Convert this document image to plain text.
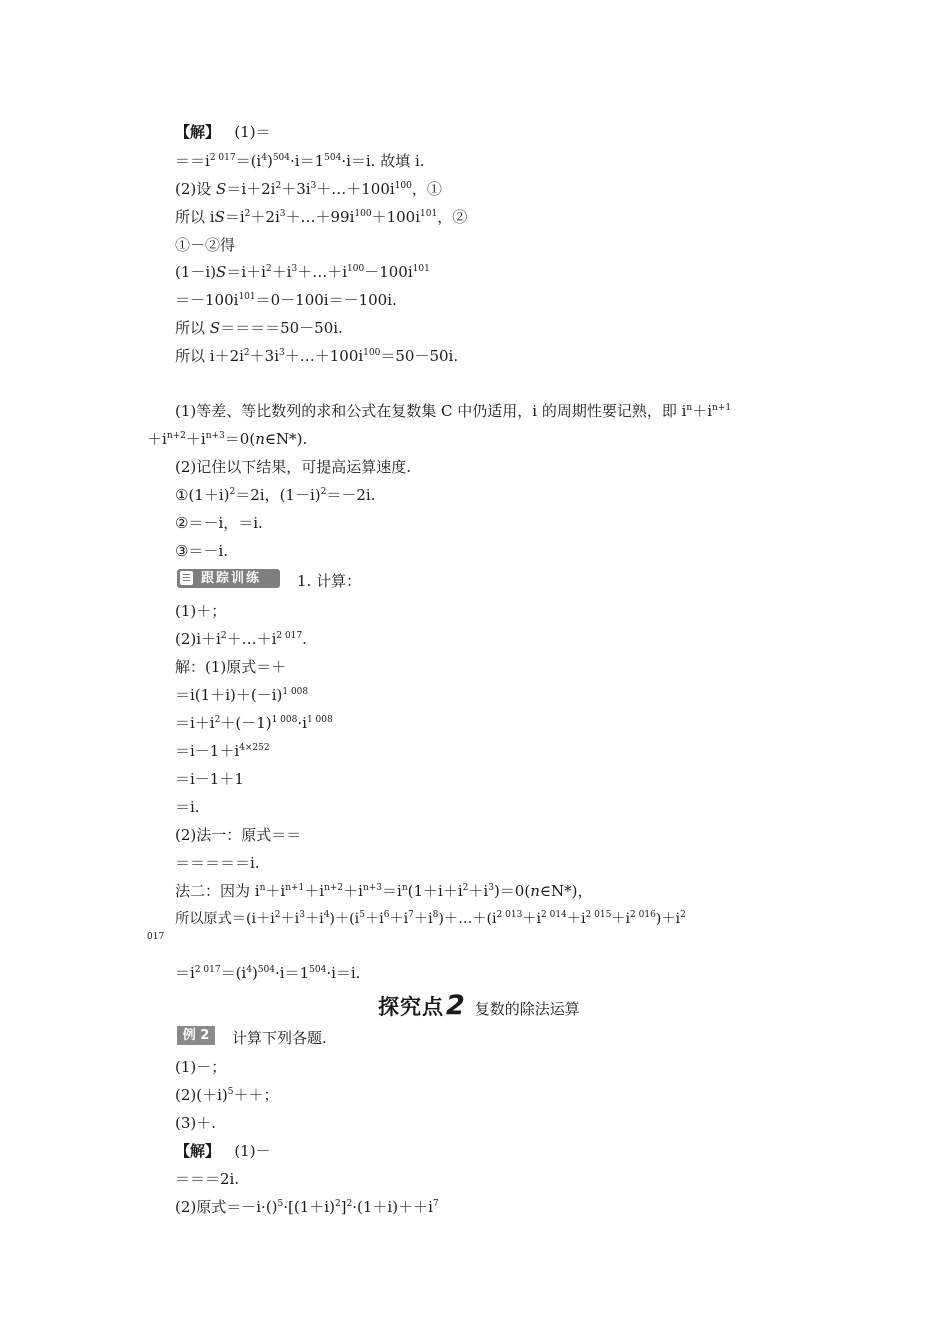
【解】 (1)＝
$==i^{2 017}=(i^4)^{504}\cdot i=1^{504}\cdot i=i$. 故填 i.
(2)设 $S=i+2i^2+3i^3+\dots+100i^{100}$，①
所以 $iS=i^2+2i^3+\dots+99i^{100}+100i^{101}$，②
①－②得
$(1-i)S=i+i^2+i^3+\dots+i^{100}-100i^{101}$
$=-100i^{101}=0-100i=-100i$.
所以 S＝＝＝＝50－50i.
所以 $i+2i^2+3i^3+\dots+100i^{100}=50-50i$.
(1)等差、等比数列的求和公式在复数集 C 中仍适用，i 的周期性要记熟，即 $i^n+i^{n+1}$
$+i^{n+2}+i^{n+3}=0(n\in N*)$.
(2)记住以下结果，可提高运算速度.
$①(1+i)^2=2i$，$(1-i)^2=-2i$.
②＝－i，＝i.
③＝－i.
跟踪训练 1. 计算：
(1)＋；
$(2)i+i^2+\dots+i^{2 017}$.
解：(1)原式＝＋
$=i(1+i)+(-i)^{1 008}$
$=i+i^2+(-1)^{1 008}\cdot i^{1 008}$
$=i-1+i^{4\times 252}$
＝i－1＋1
＝i.
(2)法一：原式＝＝
＝＝＝＝＝i.
法二：因为 $i^n+i^{n+1}+i^{n+2}+i^{n+3}=i^n(1+i+i^2+i^3)=0(n\in N*)$，
所以原式$=(i+i^2+i^3+i^4)+(i^5+i^6+i^7+i^8)+\dots+(i^{2 013}+i^{2 014}+i^{2 015}+i^{2 016})+i^2$
017
$=i^{2 017}=(i^4)^{504}\cdot i=1^{504}\cdot i=i$.
探究点2 复数的除法运算
例 2	计算下列各题.
(1)－；
$(2)(+i)^5++$；
(3)＋.
【解】 (1)－
＝＝＝2i.
(2)原式$=-i\cdot()^5\cdot[(1+i)^2]^2\cdot(1+i)++i^7$
